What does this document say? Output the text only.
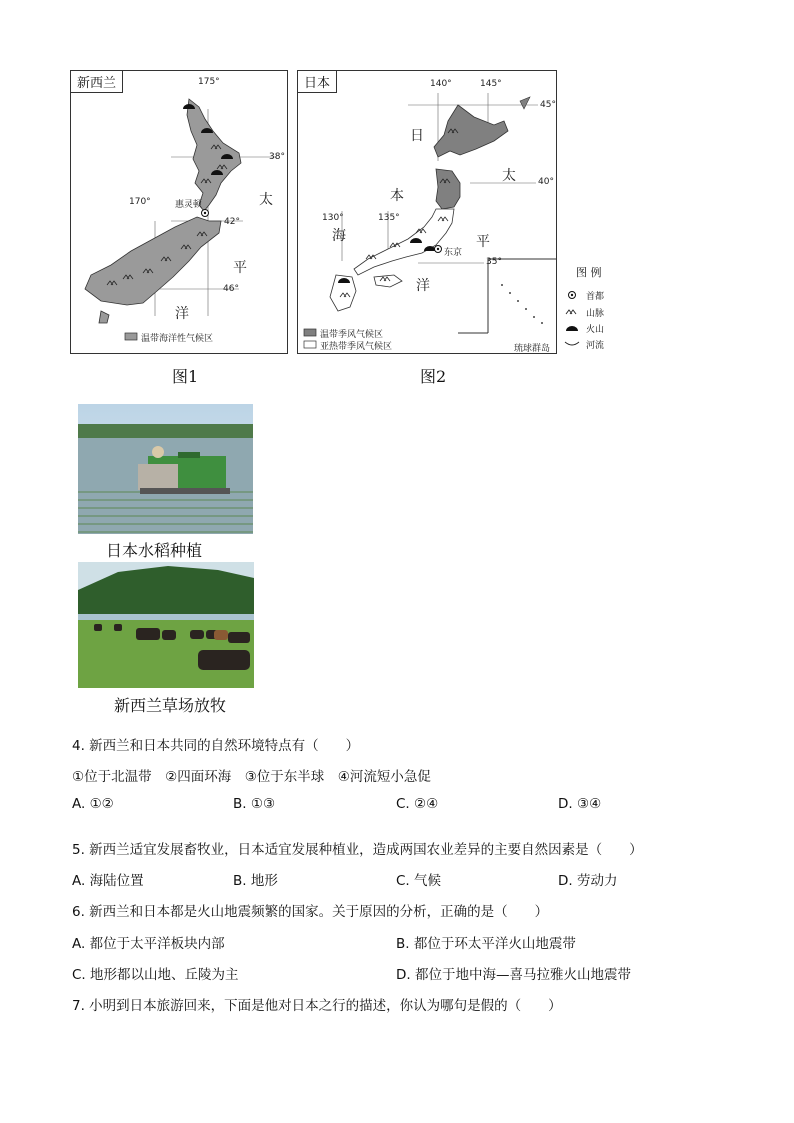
新西兰	175°
170°
38°
42°
46°
惠灵顿	太
平
洋
温带海洋性气候区
日本	140°	145°
45°
40°
130°	135°
35°
东京
日
本
海
太
平
洋
温带季风气候区
亚热带季风气候区	琉球群岛
图 例
首都
山脉
火山
河流
图1	图2
日本水稻种植
新西兰草场放牧
4. 新西兰和日本共同的自然环境特点有（　　）
①位于北温带　②四面环海　③位于东半球　④河流短小急促
A. ①②	B. ①③	C. ②④	D. ③④
5. 新西兰适宜发展畜牧业，日本适宜发展种植业，造成两国农业差异的主要自然因素是（　　）
A. 海陆位置	B. 地形	C. 气候	D. 劳动力
6. 新西兰和日本都是火山地震频繁的国家。关于原因的分析，正确的是（　　）
A. 都位于太平洋板块内部	B. 都位于环太平洋火山地震带
C. 地形都以山地、丘陵为主	D. 都位于地中海—喜马拉雅火山地震带
7. 小明到日本旅游回来，下面是他对日本之行的描述，你认为哪句是假的（　　）
